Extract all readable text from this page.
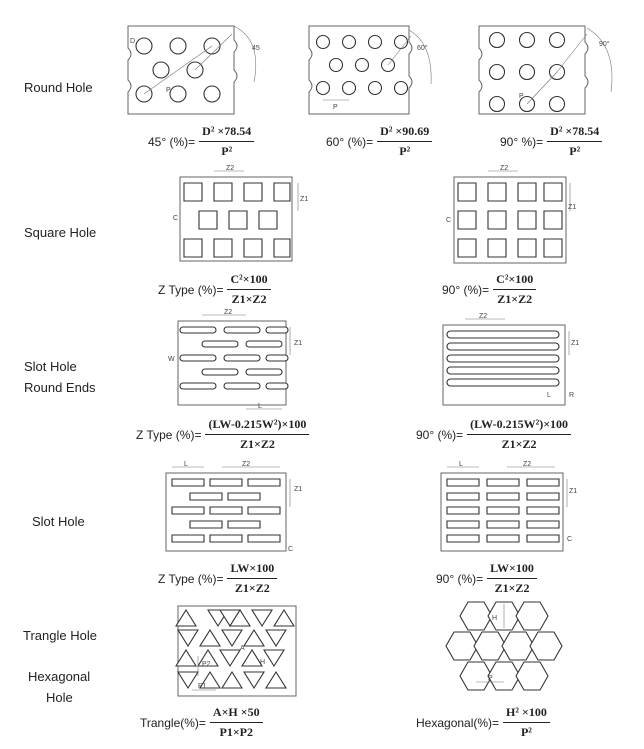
Round Hole
Square Hole
Slot Hole
Round Ends
Slot Hole
Trangle Hole
Hexagonal
Hole
45
D
P
60°
P
90°
P
45° (%)= $\frac{\text{D² ×78.54}}{\text{P²}}$	60° (%)= $\frac{\text{D² ×90.69}}{\text{P²}}$	90° %)= $\frac{\text{D² ×78.54}}{\text{P²}}$
Z2
Z1
C
Z2
Z1
C
Z Type (%)= $\frac{\text{C²×100}}{Z1\times Z2}$	90° (%)= $\frac{\text{C²×100}}{Z1\times Z2}$
Z2
Z1
L
W
Z2
Z1
L	R
Z Type (%)= $\frac{\text{(LW-0.215W²)×100}}{Z1\times Z2}$	90° (%)= $\frac{\text{(LW-0.215W²)×100}}{Z1\times Z2}$
L	Z2
Z1
C
L	Z2
Z1
C
Z Type (%)= $\frac{LW\times 100}{Z1\times Z2}$	90° (%)= $\frac{LW\times 100}{Z1\times Z2}$
P2
P1
A
H
H
P
Trangle(%)= $\frac{A\times H \times 50}{P1\times P2}$	Hexagonal(%)= $\frac{\text{H² ×100}}{\text{P²}}$
